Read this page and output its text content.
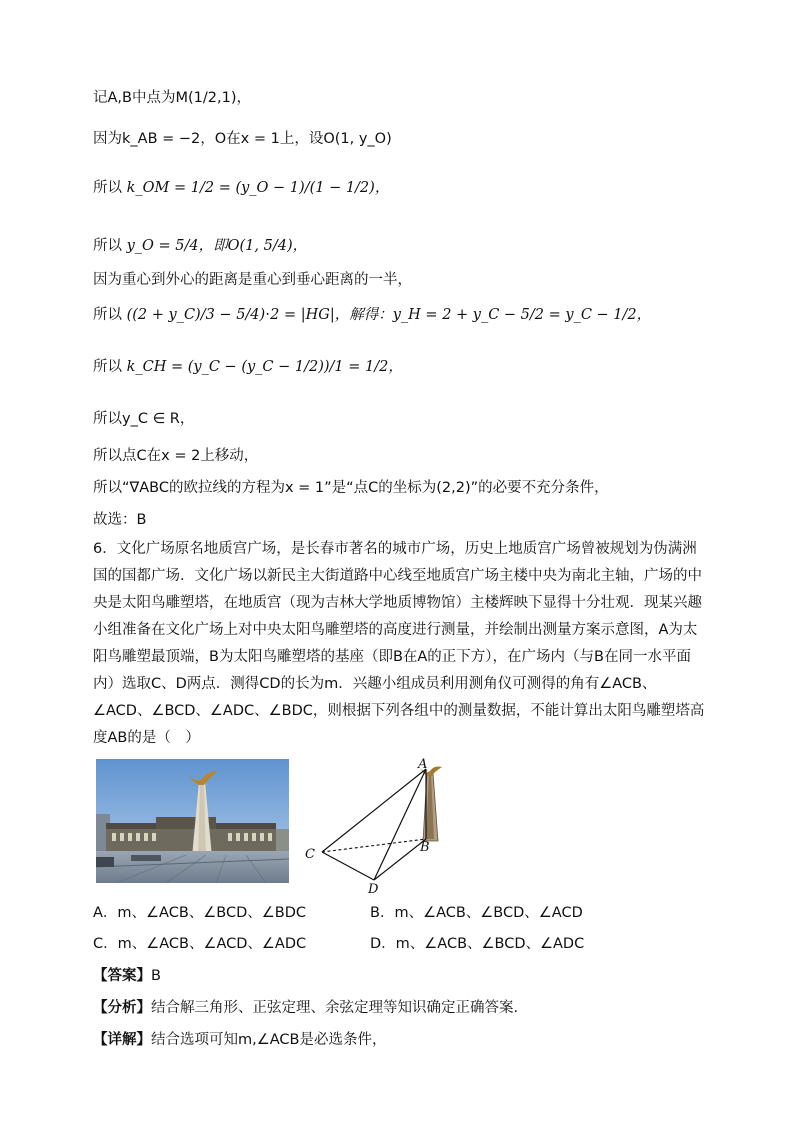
记A,B中点为M(1/2,1)，
因为k_AB = −2，O在x = 1上，设O(1, y_O)
所以 k_OM = 1/2 = (y_O − 1)/(1 − 1/2)，
所以 y_O = 5/4，即O(1, 5/4)，
因为重心到外心的距离是重心到垂心距离的一半，
所以 ((2 + y_C)/3 − 5/4)⋅2 = |HG|，解得：y_H = 2 + y_C − 5/2 = y_C − 1/2，
所以 k_CH = (y_C − (y_C − 1/2))/1 = 1/2，
所以y_C ∈ R，
所以点C在x = 2上移动，
所以“∇ABC的欧拉线的方程为x = 1”是“点C的坐标为(2,2)”的必要不充分条件，
故选：B
6．文化广场原名地质宫广场，是长春市著名的城市广场，历史上地质宫广场曾被规划为伪满洲国的国都广场．文化广场以新民主大街道路中心线至地质宫广场主楼中央为南北主轴，广场的中央是太阳鸟雕塑塔，在地质宫（现为吉林大学地质博物馆）主楼辉映下显得十分壮观．现某兴趣小组准备在文化广场上对中央太阳鸟雕塑塔的高度进行测量，并绘制出测量方案示意图，A为太阳鸟雕塑最顶端，B为太阳鸟雕塑塔的基座（即B在A的正下方），在广场内（与B在同一水平面内）选取C、D两点．测得CD的长为m．兴趣小组成员利用测角仪可测得的角有∠ACB、∠ACD、∠BCD、∠ADC、∠BDC，则根据下列各组中的测量数据，不能计算出太阳鸟雕塑塔高度AB的是（　）
A
B
C
D
A．m、∠ACB、∠BCD、∠BDC	B．m、∠ACB、∠BCD、∠ACD
C．m、∠ACB、∠ACD、∠ADC	D．m、∠ACB、∠BCD、∠ADC
【答案】B
【分析】结合解三角形、正弦定理、余弦定理等知识确定正确答案.
【详解】结合选项可知m,∠ACB是必选条件，
